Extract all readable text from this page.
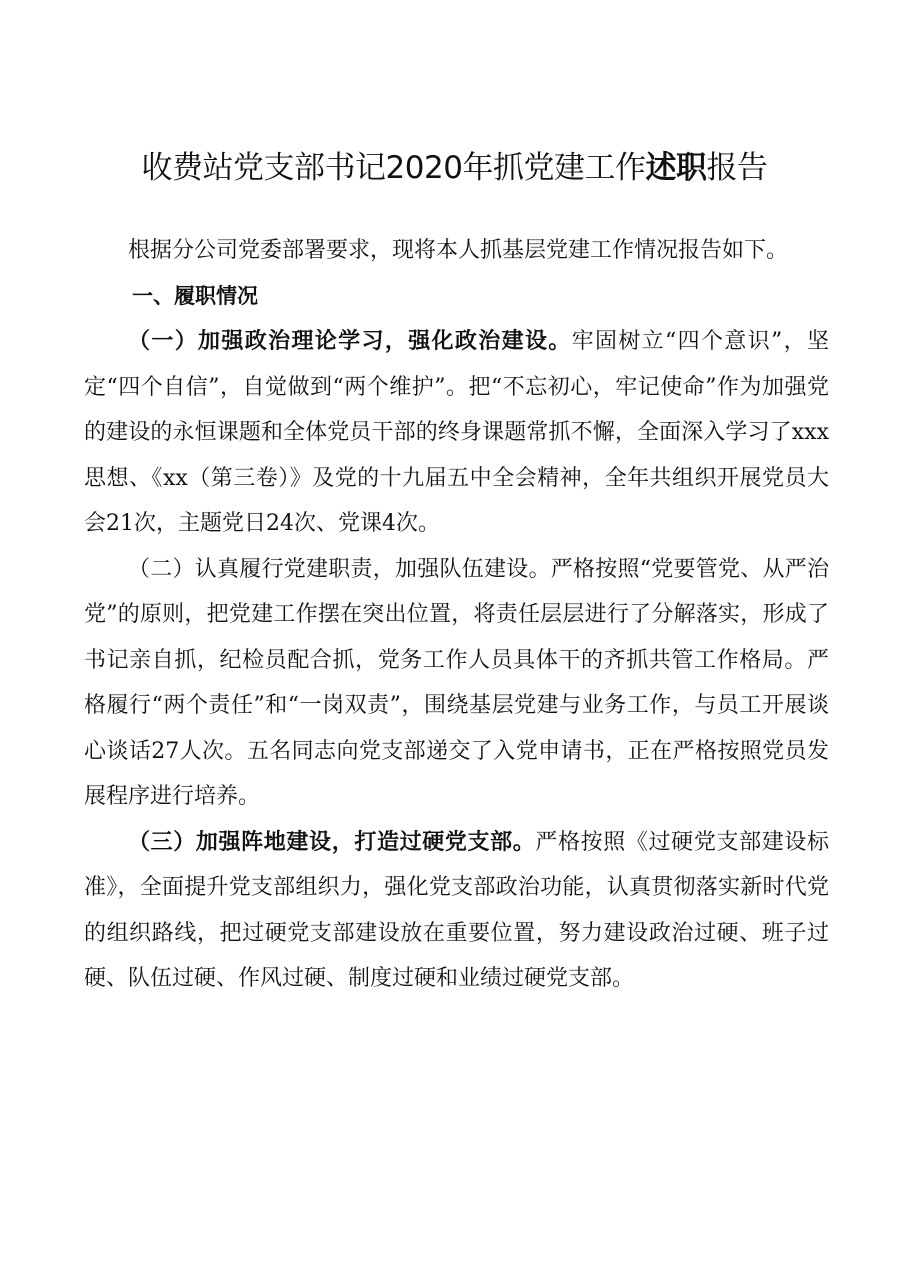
收费站党支部书记2020年抓党建工作述职报告

根据分公司党委部署要求，现将本人抓基层党建工作情况报告如下。

一、履职情况

（一）加强政治理论学习，强化政治建设。牢固树立“四个意识”，坚定“四个自信”，自觉做到“两个维护”。把“不忘初心，牢记使命”作为加强党的建设的永恒课题和全体党员干部的终身课题常抓不懈，全面深入学习了xxx思想、《xx（第三卷）》及党的十九届五中全会精神，全年共组织开展党员大会21次，主题党日24次、党课4次。

（二）认真履行党建职责，加强队伍建设。严格按照“党要管党、从严治党”的原则，把党建工作摆在突出位置，将责任层层进行了分解落实，形成了书记亲自抓，纪检员配合抓，党务工作人员具体干的齐抓共管工作格局。严格履行“两个责任”和“一岗双责”，围绕基层党建与业务工作，与员工开展谈心谈话27人次。五名同志向党支部递交了入党申请书，正在严格按照党员发展程序进行培养。

（三）加强阵地建设，打造过硬党支部。严格按照《过硬党支部建设标准》，全面提升党支部组织力，强化党支部政治功能，认真贯彻落实新时代党的组织路线，把过硬党支部建设放在重要位置，努力建设政治过硬、班子过硬、队伍过硬、作风过硬、制度过硬和业绩过硬党支部。
